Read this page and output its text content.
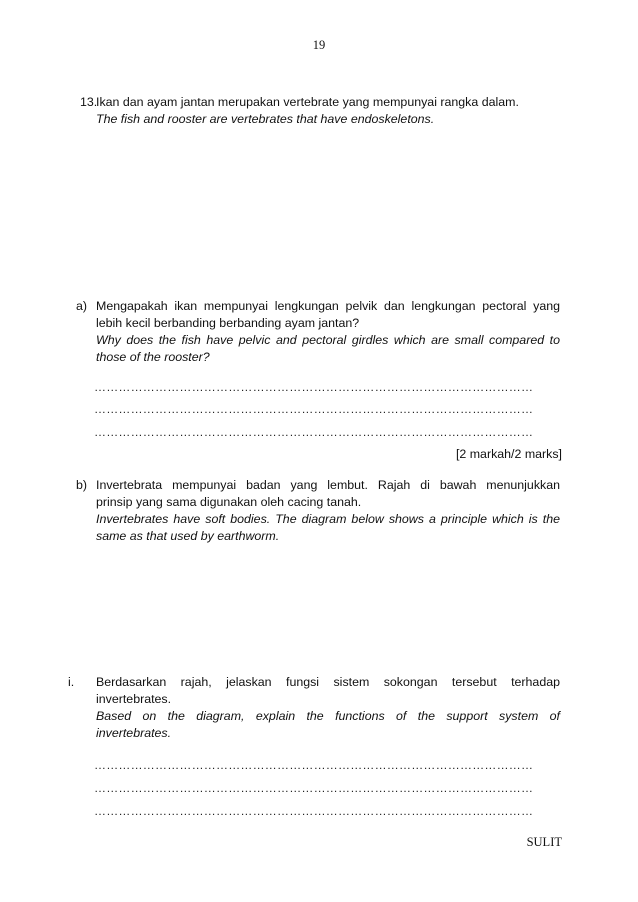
19
13.
Ikan dan ayam jantan merupakan vertebrate yang mempunyai rangka dalam.
The fish and rooster are vertebrates that have endoskeletons.
a) Mengapakah ikan mempunyai lengkungan pelvik dan lengkungan pectoral yang
lebih kecil berbanding berbanding ayam jantan?
Why does the fish have pelvic and pectoral girdles which are small compared to
those of the rooster?
………………………………………………………………………………………………
………………………………………………………………………………………………
………………………………………………………………………………………………
[2 markah/2 marks]
b) Invertebrata mempunyai badan yang lembut. Rajah di bawah menunjukkan
prinsip yang sama digunakan oleh cacing tanah.
Invertebrates have soft bodies. The diagram below shows a principle which is the
same as that used by earthworm.
i. Berdasarkan rajah, jelaskan fungsi sistem sokongan tersebut terhadap
invertebrates.
Based on the diagram, explain the functions of the support system of
invertebrates.
………………………………………………………………………………………………
………………………………………………………………………………………………
………………………………………………………………………………………………
SULIT
